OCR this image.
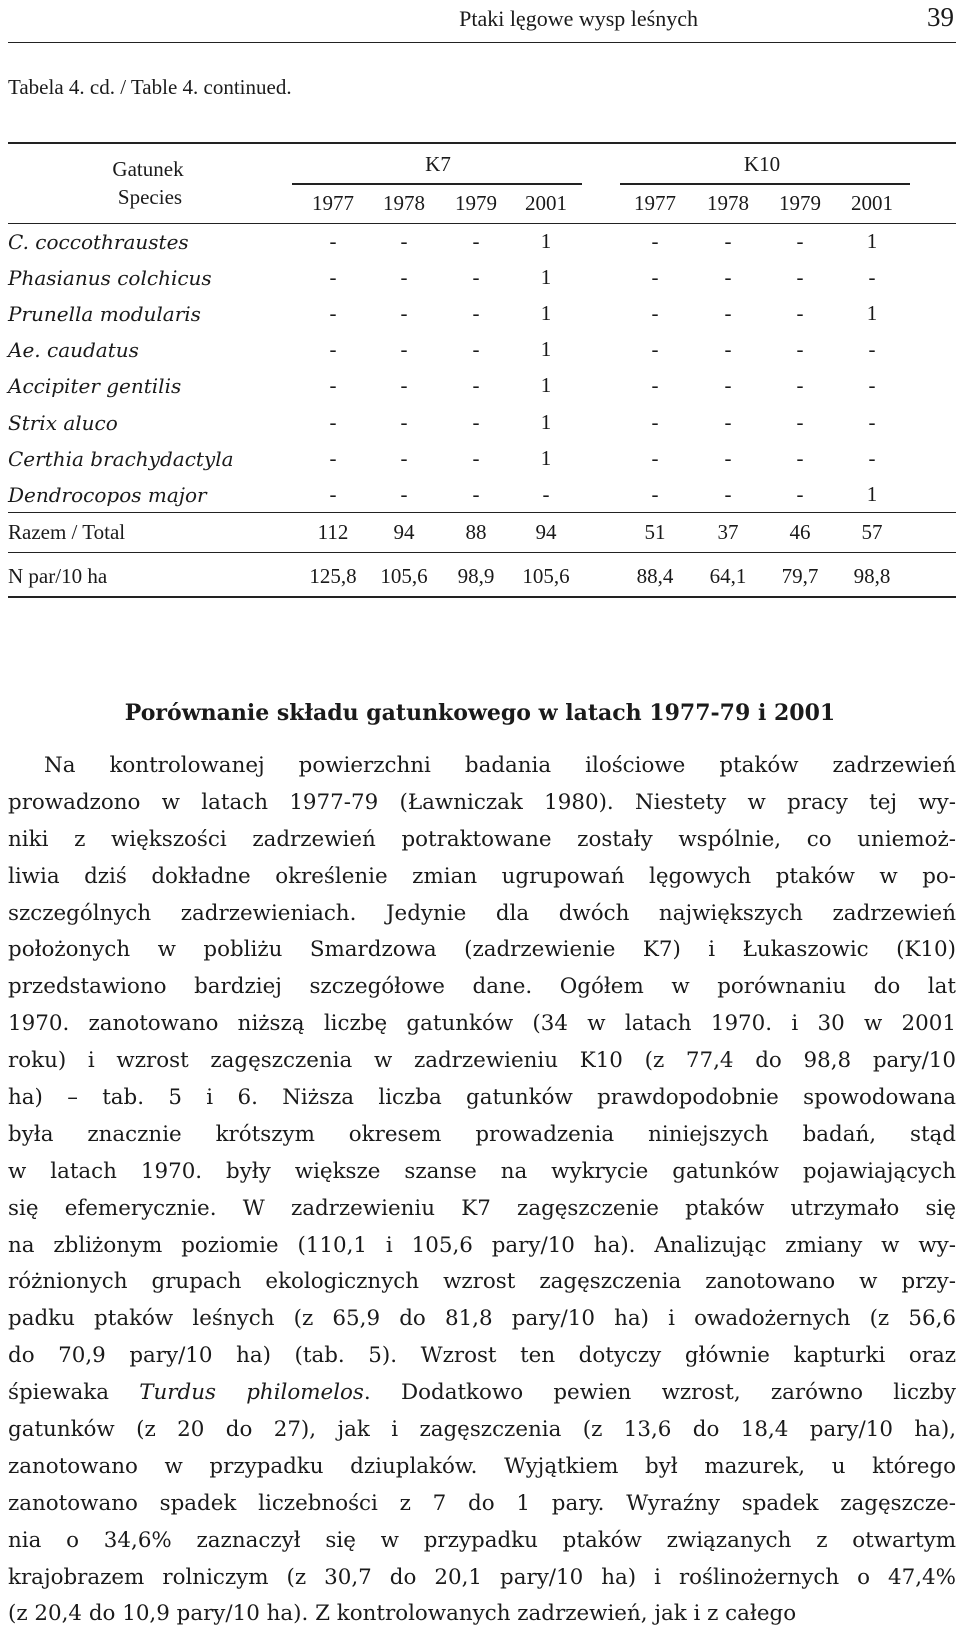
Ptaki lęgowe wysp leśnych	39
Tabela 4. cd. / Table 4. continued.
Gatunek
Species
K7	K10
1977 1978 1979 2001	1977 1978 1979 2001
C. coccothraustes	-	-	-	1	-	-	-	1
Phasianus colchicus	-	-	-	1	-	-	-	-
Prunella modularis	-	-	-	1	-	-	-	1
Ae. caudatus	-	-	-	1	-	-	-	-
Accipiter gentilis	-	-	-	1	-	-	-	-
Strix aluco	-	-	-	1	-	-	-	-
Certhia brachydactyla	-	-	-	1	-	-	-	-
Dendrocopos major	-	-	-	-	-	-	-	1
Razem / Total	112 94 88 94	51 37 46 57
N par/10 ha	125,8 105,6 98,9 105,6	88,4 64,1 79,7 98,8
Porównanie składu gatunkowego w latach 1977-79 i 2001
Na kontrolowanej powierzchni badania ilościowe ptaków zadrzewień
prowadzono w latach 1977-79 (Ławniczak 1980). Niestety w pracy tej wy-
niki z większości zadrzewień potraktowane zostały wspólnie, co uniemoż-
liwia dziś dokładne określenie zmian ugrupowań lęgowych ptaków w po-
szczególnych zadrzewieniach. Jedynie dla dwóch największych zadrzewień
położonych w pobliżu Smardzowa (zadrzewienie K7) i Łukaszowic (K10)
przedstawiono bardziej szczegółowe dane. Ogółem w porównaniu do lat
1970. zanotowano niższą liczbę gatunków (34 w latach 1970. i 30 w 2001
roku) i wzrost zagęszczenia w zadrzewieniu K10 (z 77,4 do 98,8 pary/10
ha) – tab. 5 i 6. Niższa liczba gatunków prawdopodobnie spowodowana
była znacznie krótszym okresem prowadzenia niniejszych badań, stąd
w latach 1970. były większe szanse na wykrycie gatunków pojawiających
się efemerycznie. W zadrzewieniu K7 zagęszczenie ptaków utrzymało się
na zbliżonym poziomie (110,1 i 105,6 pary/10 ha). Analizując zmiany w wy-
różnionych grupach ekologicznych wzrost zagęszczenia zanotowano w przy-
padku ptaków leśnych (z 65,9 do 81,8 pary/10 ha) i owadożernych (z 56,6
do 70,9 pary/10 ha) (tab. 5). Wzrost ten dotyczy głównie kapturki oraz
śpiewaka Turdus philomelos. Dodatkowo pewien wzrost, zarówno liczby
gatunków (z 20 do 27), jak i zagęszczenia (z 13,6 do 18,4 pary/10 ha),
zanotowano w przypadku dziuplaków. Wyjątkiem był mazurek, u którego
zanotowano spadek liczebności z 7 do 1 pary. Wyraźny spadek zagęszcze-
nia o 34,6% zaznaczył się w przypadku ptaków związanych z otwartym
krajobrazem rolniczym (z 30,7 do 20,1 pary/10 ha) i roślinożernych o 47,4%
(z 20,4 do 10,9 pary/10 ha). Z kontrolowanych zadrzewień, jak i z całego
